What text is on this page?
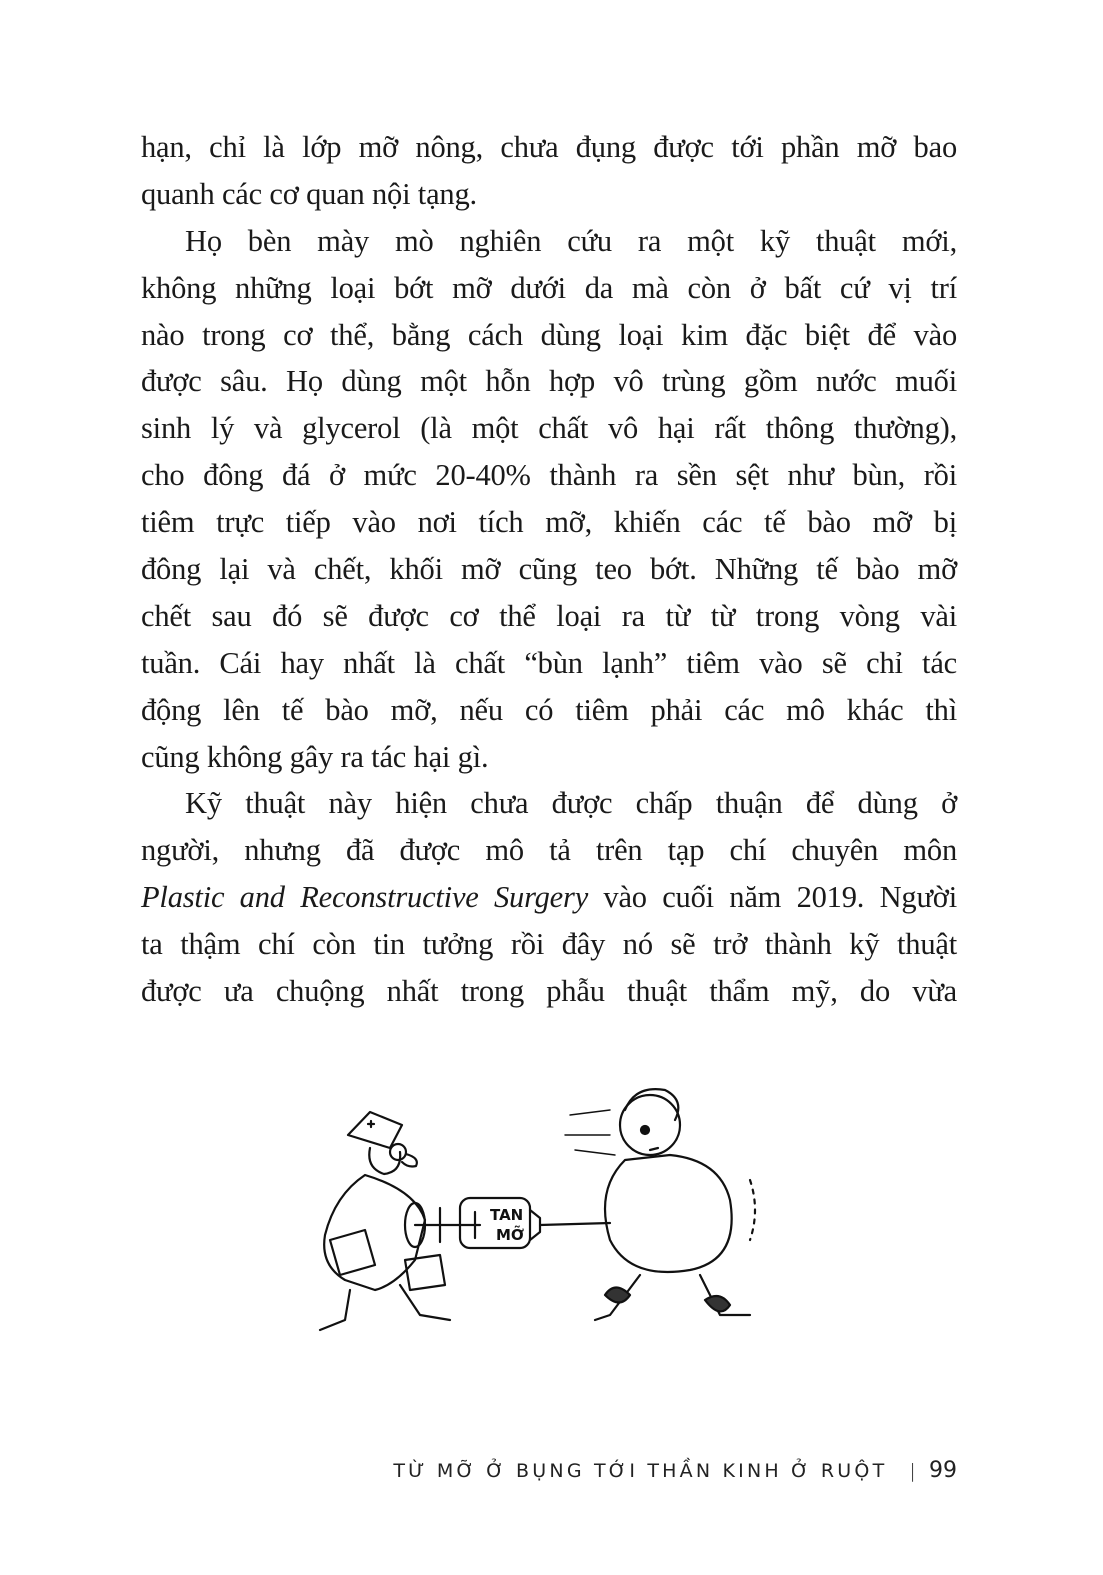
hạn, chỉ là lớp mỡ nông, chưa đụng được tới phần mỡ bao
quanh các cơ quan nội tạng.
Họ bèn mày mò nghiên cứu ra một kỹ thuật mới,
không những loại bớt mỡ dưới da mà còn ở bất cứ vị trí
nào trong cơ thể, bằng cách dùng loại kim đặc biệt để vào
được sâu. Họ dùng một hỗn hợp vô trùng gồm nước muối
sinh lý và glycerol (là một chất vô hại rất thông thường),
cho đông đá ở mức 20-40% thành ra sền sệt như bùn, rồi
tiêm trực tiếp vào nơi tích mỡ, khiến các tế bào mỡ bị
đông lại và chết, khối mỡ cũng teo bớt. Những tế bào mỡ
chết sau đó sẽ được cơ thể loại ra từ từ trong vòng vài
tuần. Cái hay nhất là chất “bùn lạnh” tiêm vào sẽ chỉ tác
động lên tế bào mỡ, nếu có tiêm phải các mô khác thì
cũng không gây ra tác hại gì.
Kỹ thuật này hiện chưa được chấp thuận để dùng ở
người, nhưng đã được mô tả trên tạp chí chuyên môn
Plastic and Reconstructive Surgery vào cuối năm 2019. Người
ta thậm chí còn tin tưởng rồi đây nó sẽ trở thành kỹ thuật
được ưa chuộng nhất trong phẫu thuật thẩm mỹ, do vừa
TAN
MỠ
TỪ MỠ Ở BỤNG TỚI THẦN KINH Ở RUỘT | 99
